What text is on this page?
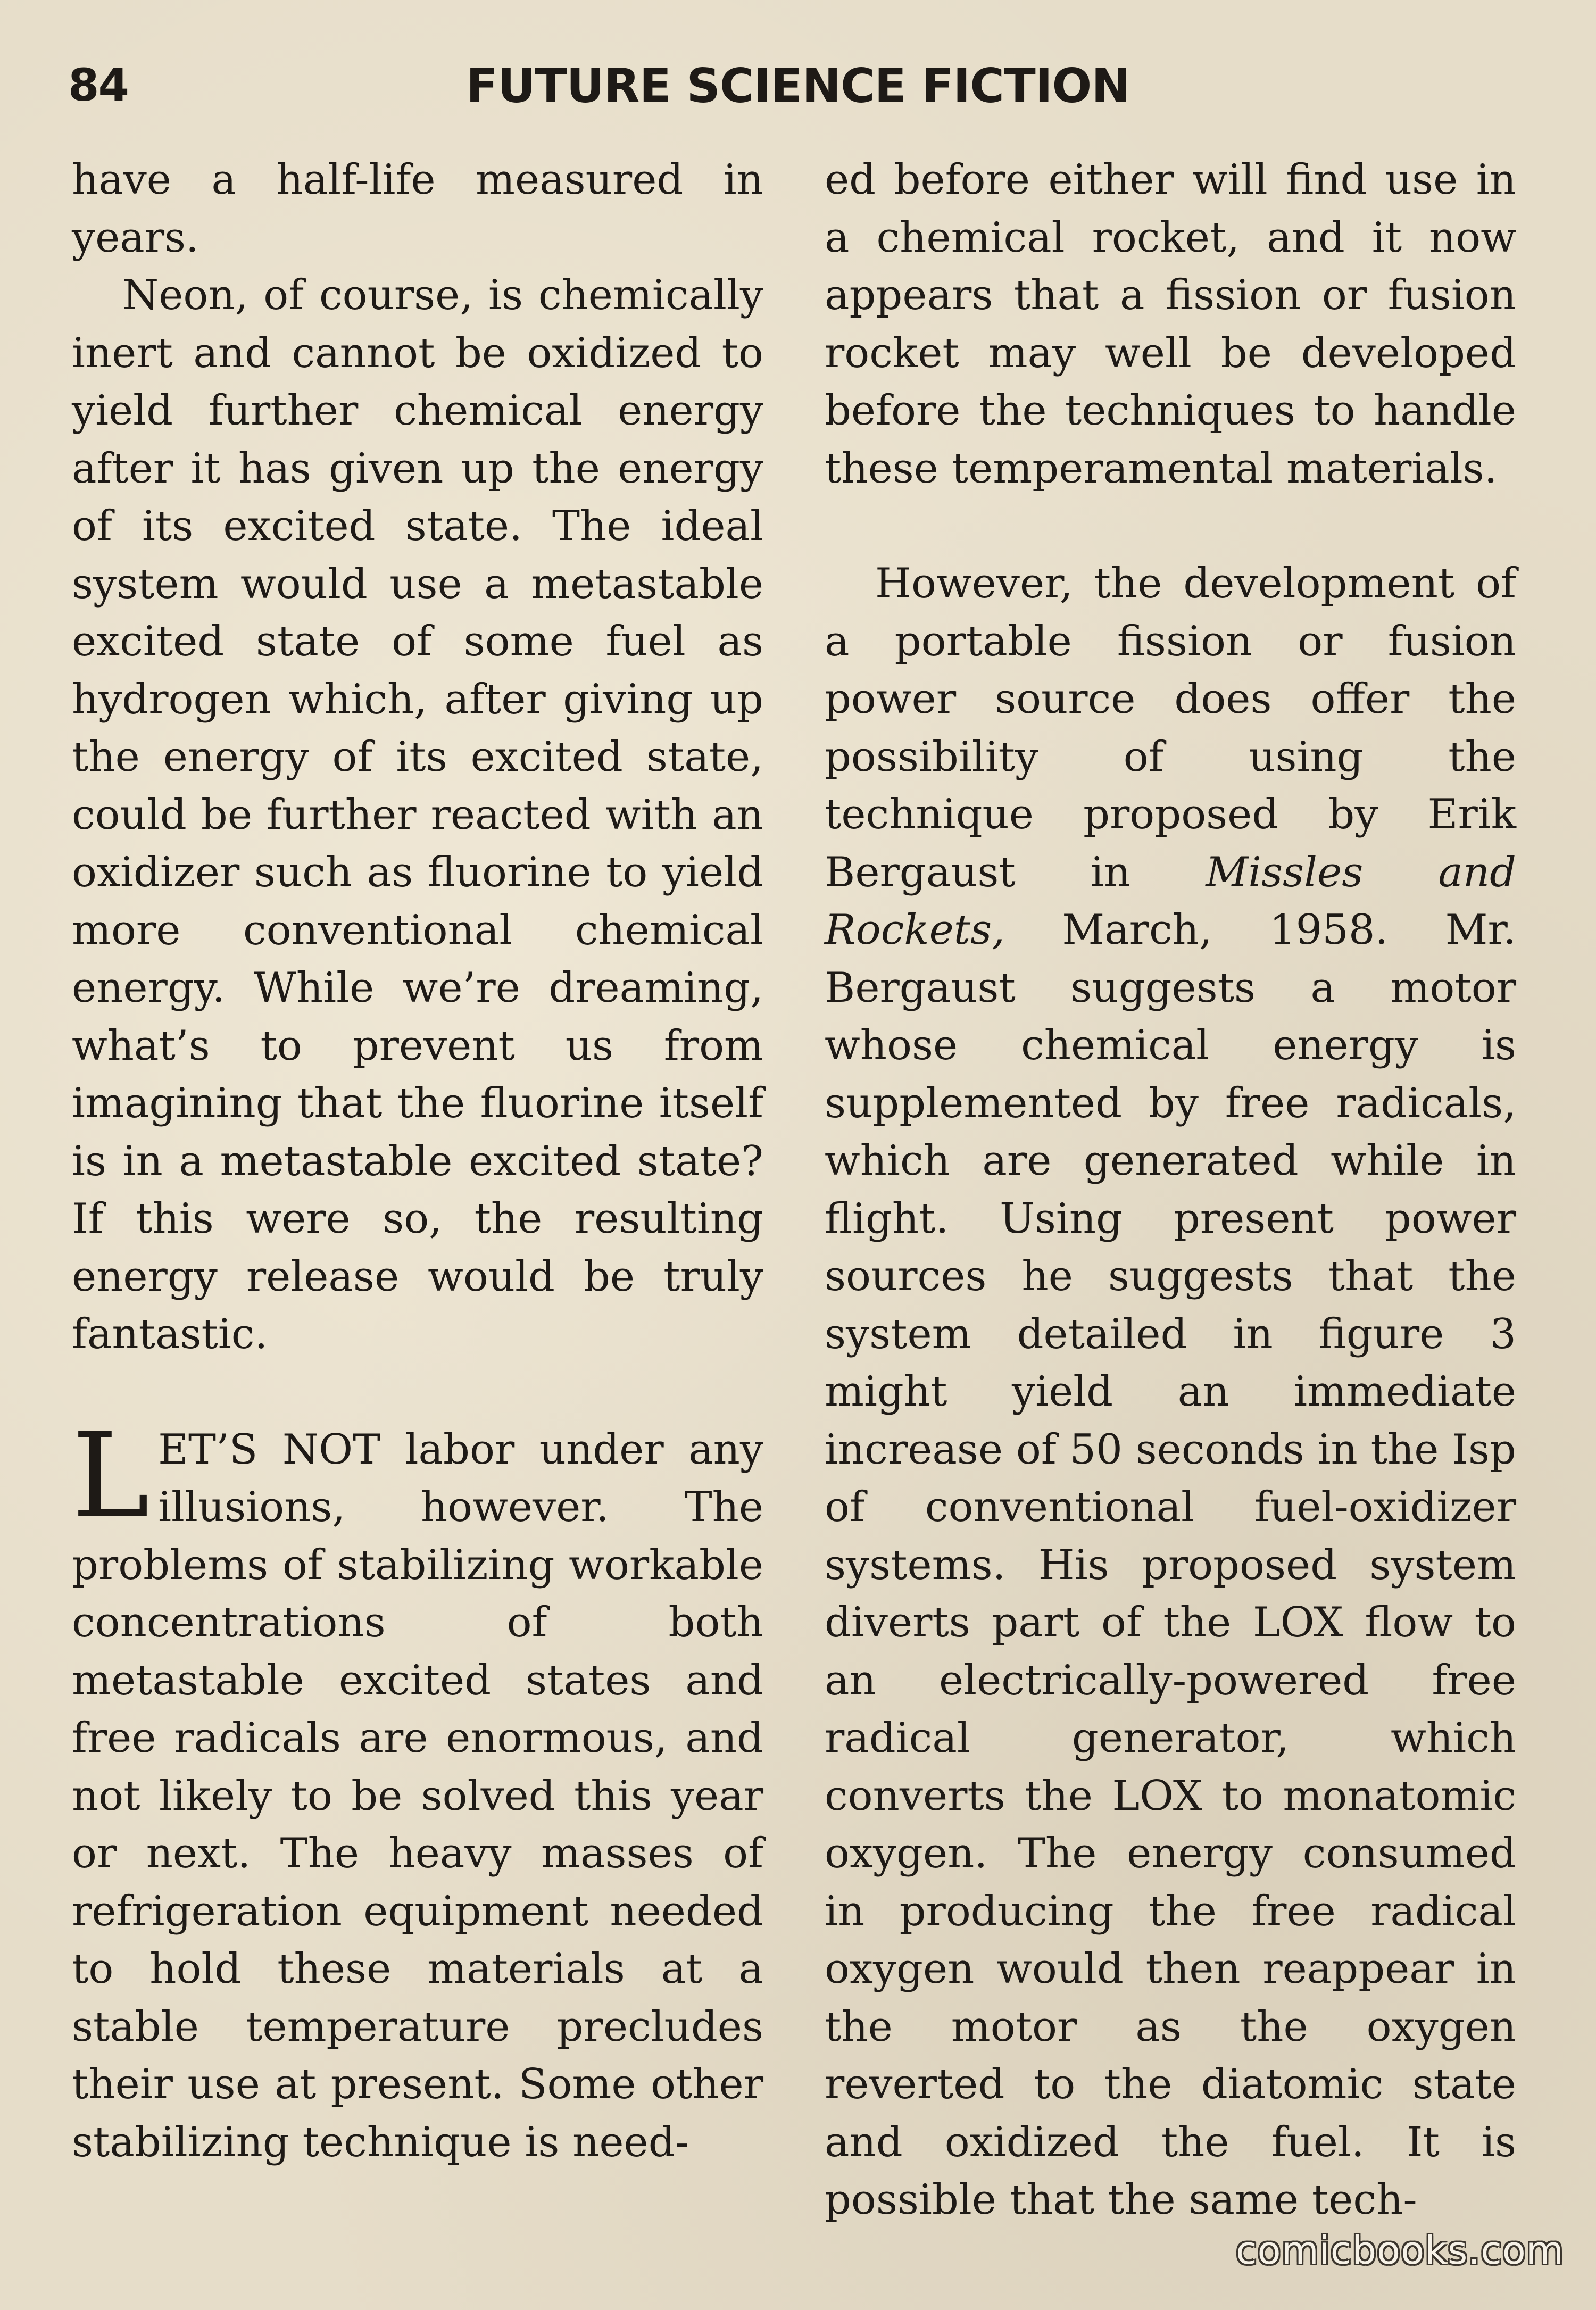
84	FUTURE SCIENCE FICTION

have a half-life measured in years.

Neon, of course, is chemically inert and cannot be oxidized to yield further chemical energy after it has given up the energy of its excited state. The ideal system would use a metastable excited state of some fuel as hydrogen which, after giving up the energy of its excited state, could be further reacted with an oxidizer such as fluorine to yield more conventional chemical energy. While we’re dreaming, what’s to prevent us from imagining that the fluorine itself is in a metastable excited state? If this were so, the resulting energy release would be truly fantastic.

LET’S NOT labor under any illusions, however. The problems of stabilizing workable concentrations of both metastable excited states and free radicals are enormous, and not likely to be solved this year or next. The heavy masses of refrigeration equipment needed to hold these materials at a stable temperature precludes their use at present. Some other stabilizing technique is need-

ed before either will find use in a chemical rocket, and it now appears that a fission or fusion rocket may well be developed before the techniques to handle these temperamental materials.

However, the development of a portable fission or fusion power source does offer the possibility of using the technique proposed by Erik Bergaust in Missles and Rockets, March, 1958. Mr. Bergaust suggests a motor whose chemical energy is supplemented by free radicals, which are generated while in flight. Using present power sources he suggests that the system detailed in figure 3 might yield an immediate increase of 50 seconds in the Isp of conventional fuel-oxidizer systems. His proposed system diverts part of the LOX flow to an electrically-powered free radical generator, which converts the LOX to monatomic oxygen. The energy consumed in producing the free radical oxygen would then reappear in the motor as the oxygen reverted to the diatomic state and oxidized the fuel. It is possible that the same tech-

comicbooks.com
